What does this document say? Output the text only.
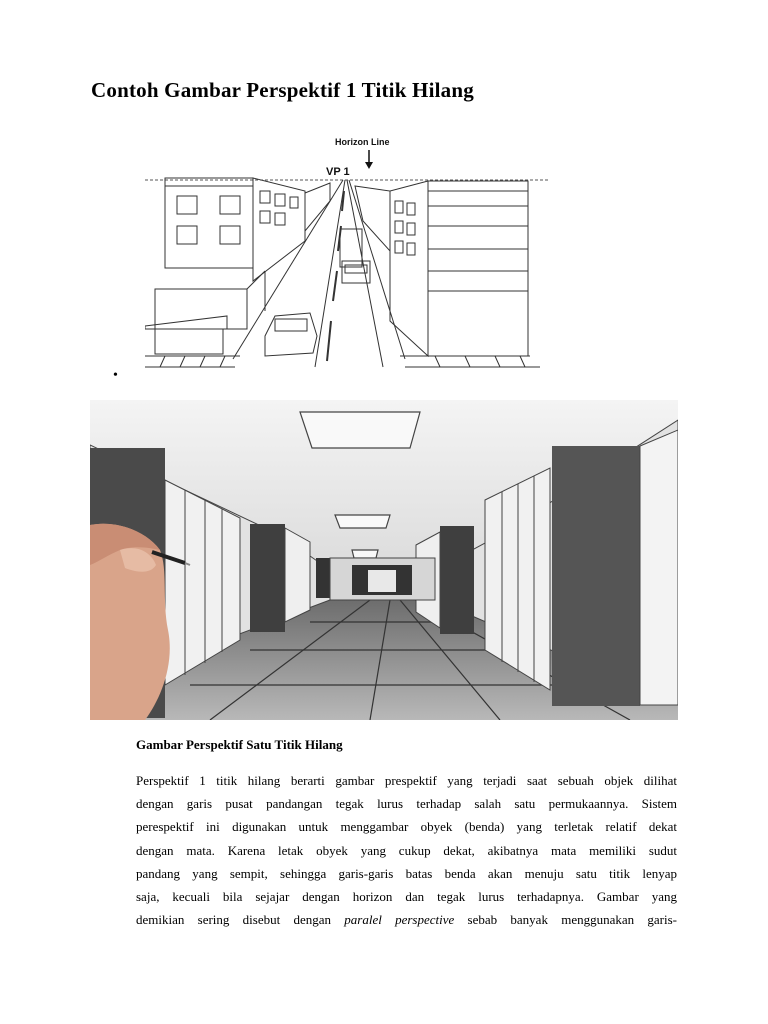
Contoh Gambar Perspektif 1 Titik Hilang
Horizon Line
VP 1
•

Gambar Perspektif Satu Titik Hilang

Perspektif 1 titik hilang berarti gambar prespektif yang terjadi saat sebuah objek dilihat
dengan garis pusat pandangan tegak lurus terhadap salah satu permukaannya. Sistem
perespektif ini digunakan untuk menggambar obyek (benda) yang terletak relatif dekat
dengan mata. Karena letak obyek yang cukup dekat, akibatnya mata memiliki sudut
pandang yang sempit, sehingga garis-garis batas benda akan menuju satu titik lenyap
saja, kecuali bila sejajar dengan horizon dan tegak lurus terhadapnya. Gambar yang
demikian sering disebut dengan paralel perspective sebab banyak menggunakan garis-
